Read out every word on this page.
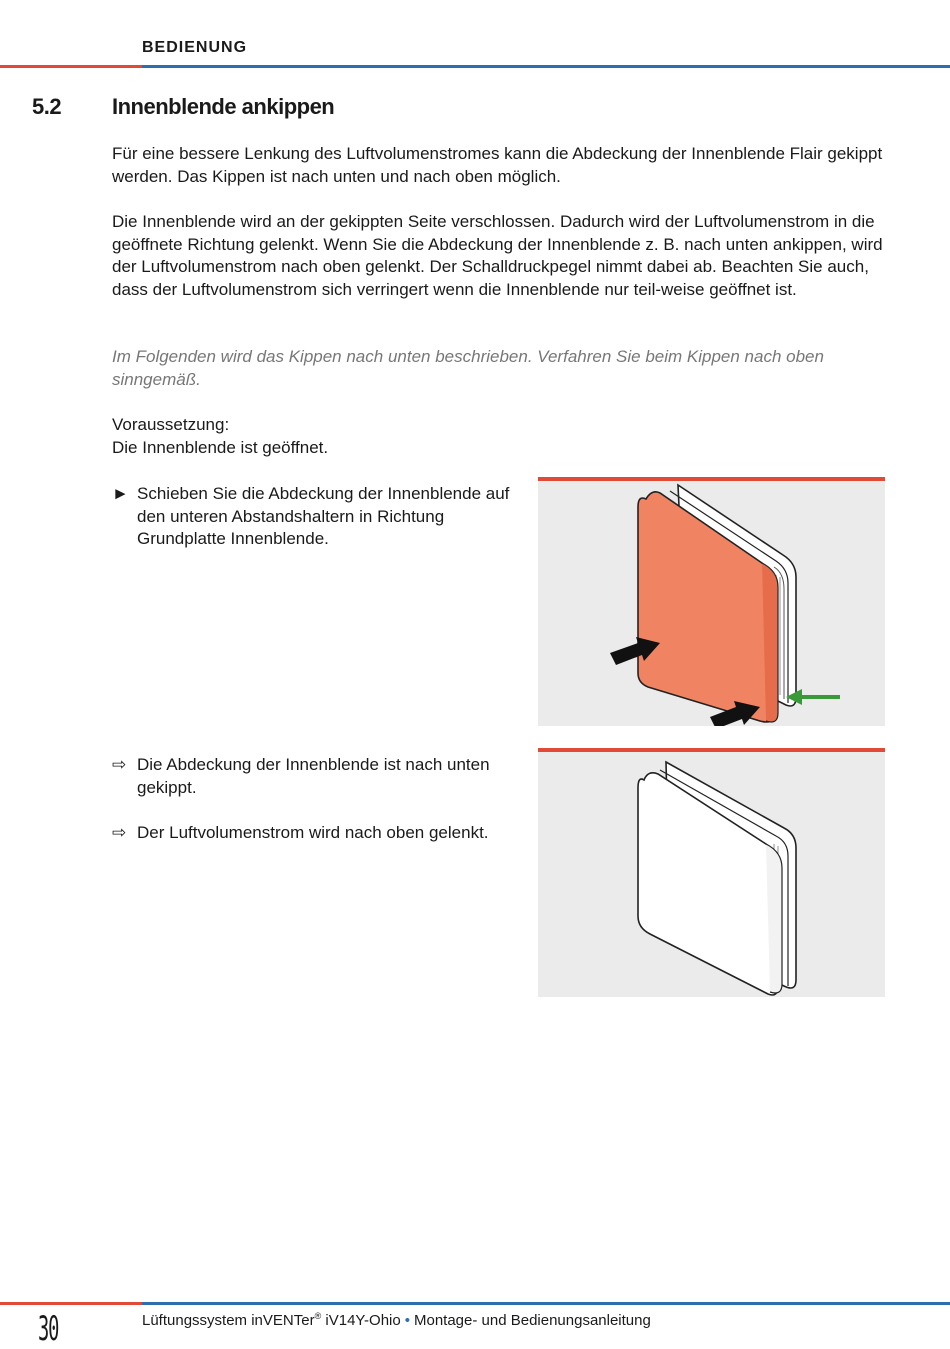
BEDIENUNG
5.2 Innenblende ankippen

Für eine bessere Lenkung des Luftvolumenstromes kann die Abdeckung der Innenblende Flair gekippt werden. Das Kippen ist nach unten und nach oben möglich.

Die Innenblende wird an der gekippten Seite verschlossen. Dadurch wird der Luftvolumenstrom in die geöffnete Richtung gelenkt. Wenn Sie die Abdeckung der Innenblende z. B. nach unten ankippen, wird der Luftvolumenstrom nach oben gelenkt. Der Schalldruckpegel nimmt dabei ab. Beachten Sie auch, dass der Luftvolumenstrom sich verringert wenn die Innenblende nur teil-weise geöffnet ist.

Im Folgenden wird das Kippen nach unten beschrieben. Verfahren Sie beim Kippen nach oben sinngemäß.

Voraussetzung:

Die Innenblende ist geöffnet.

► Schieben Sie die Abdeckung der Innenblende auf den unteren Abstandshaltern in Richtung Grundplatte Innenblende.
⇨ Die Abdeckung der Innenblende ist nach unten gekippt.
⇨ Der Luftvolumenstrom wird nach oben gelenkt.
30	Lüftungssystem inVENTer® iV14Y-Ohio • Montage- und Bedienungsanleitung
